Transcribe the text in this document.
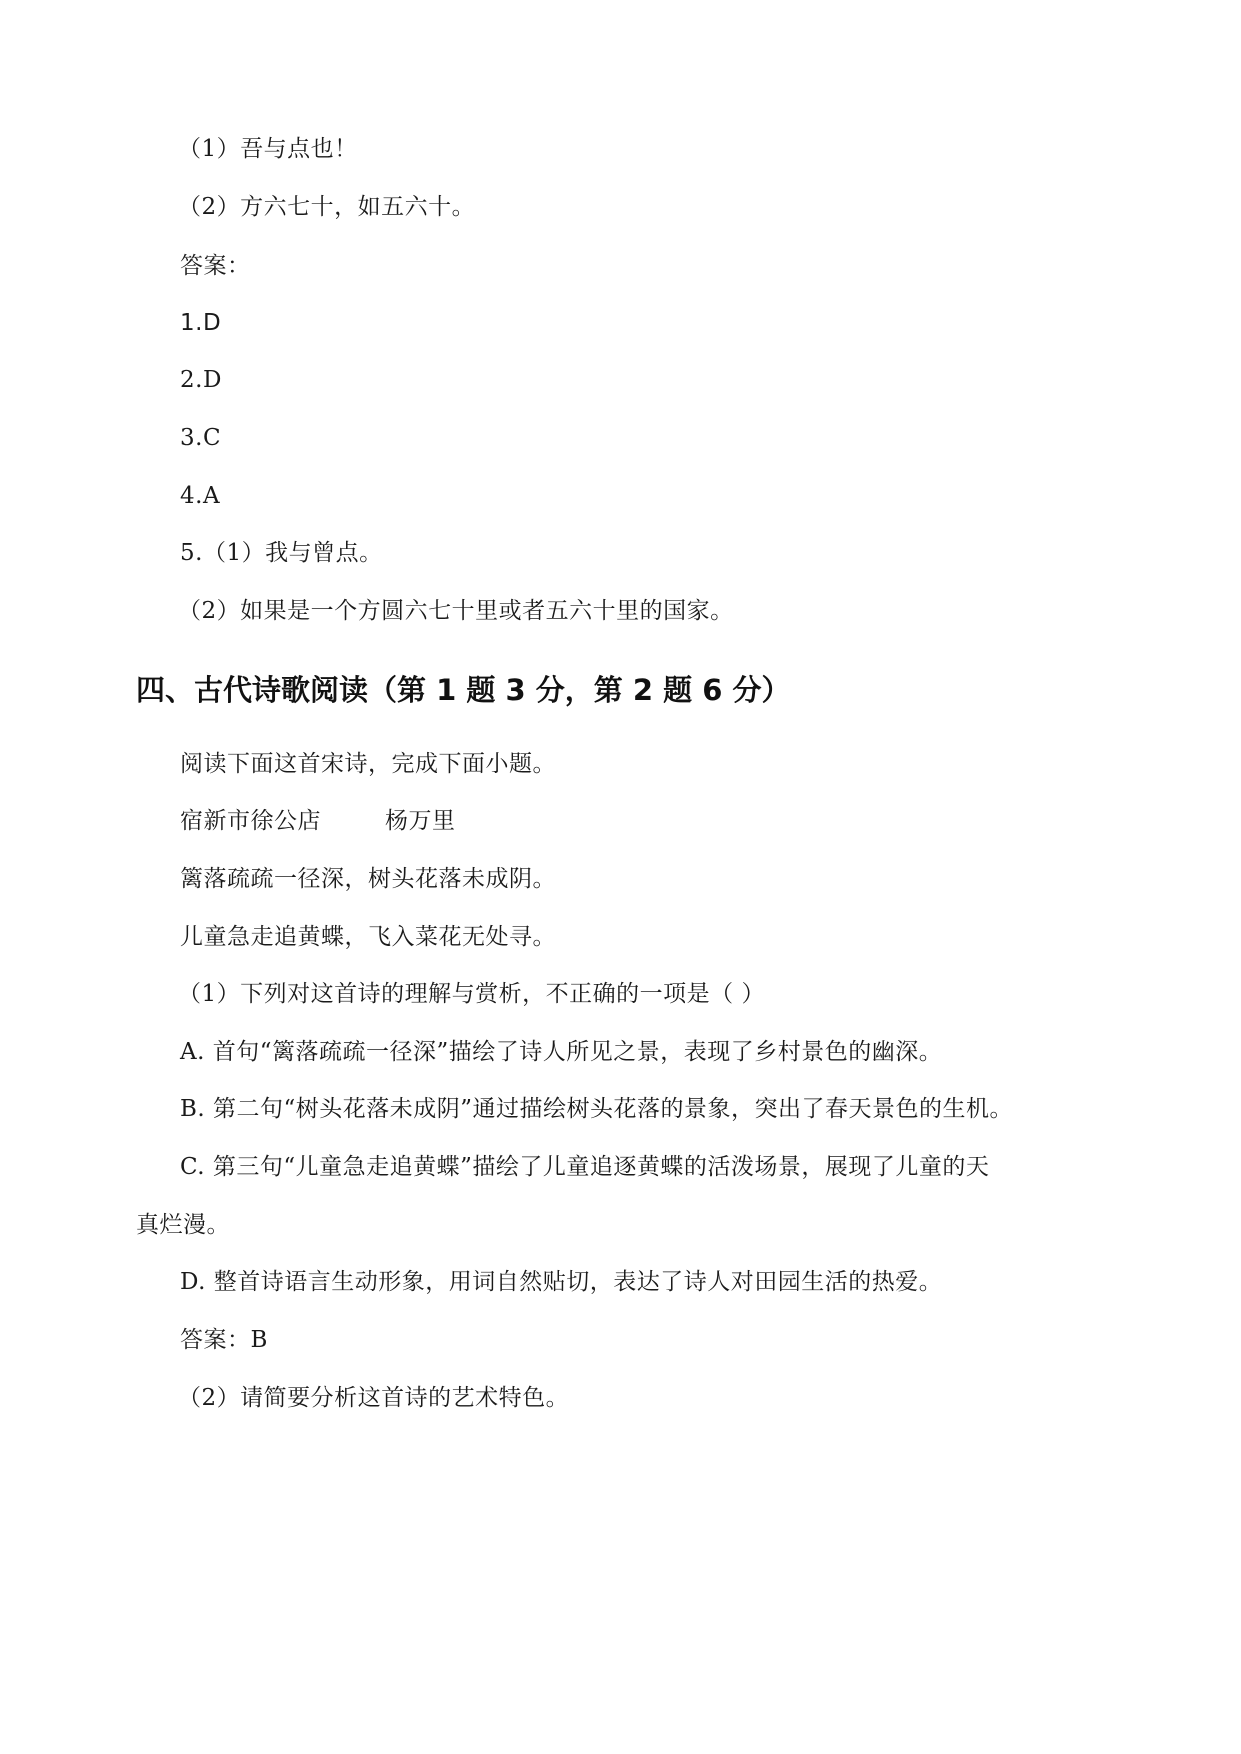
（1）吾与点也！
（2）方六七十，如五六十。
答案：
1.D
2.D
3.C
4.A
5.（1）我与曾点。
（2）如果是一个方圆六七十里或者五六十里的国家。
四、古代诗歌阅读（第 1 题 3 分，第 2 题 6 分）
阅读下面这首宋诗，完成下面小题。
宿新市徐公店	杨万里
篱落疏疏一径深，树头花落未成阴。
儿童急走追黄蝶，飞入菜花无处寻。
（1）下列对这首诗的理解与赏析，不正确的一项是（ ）
A. 首句“篱落疏疏一径深”描绘了诗人所见之景，表现了乡村景色的幽深。
B. 第二句“树头花落未成阴”通过描绘树头花落的景象，突出了春天景色的生机。
C. 第三句“儿童急走追黄蝶”描绘了儿童追逐黄蝶的活泼场景，展现了儿童的天
真烂漫。
D. 整首诗语言生动形象，用词自然贴切，表达了诗人对田园生活的热爱。
答案：B
（2）请简要分析这首诗的艺术特色。
